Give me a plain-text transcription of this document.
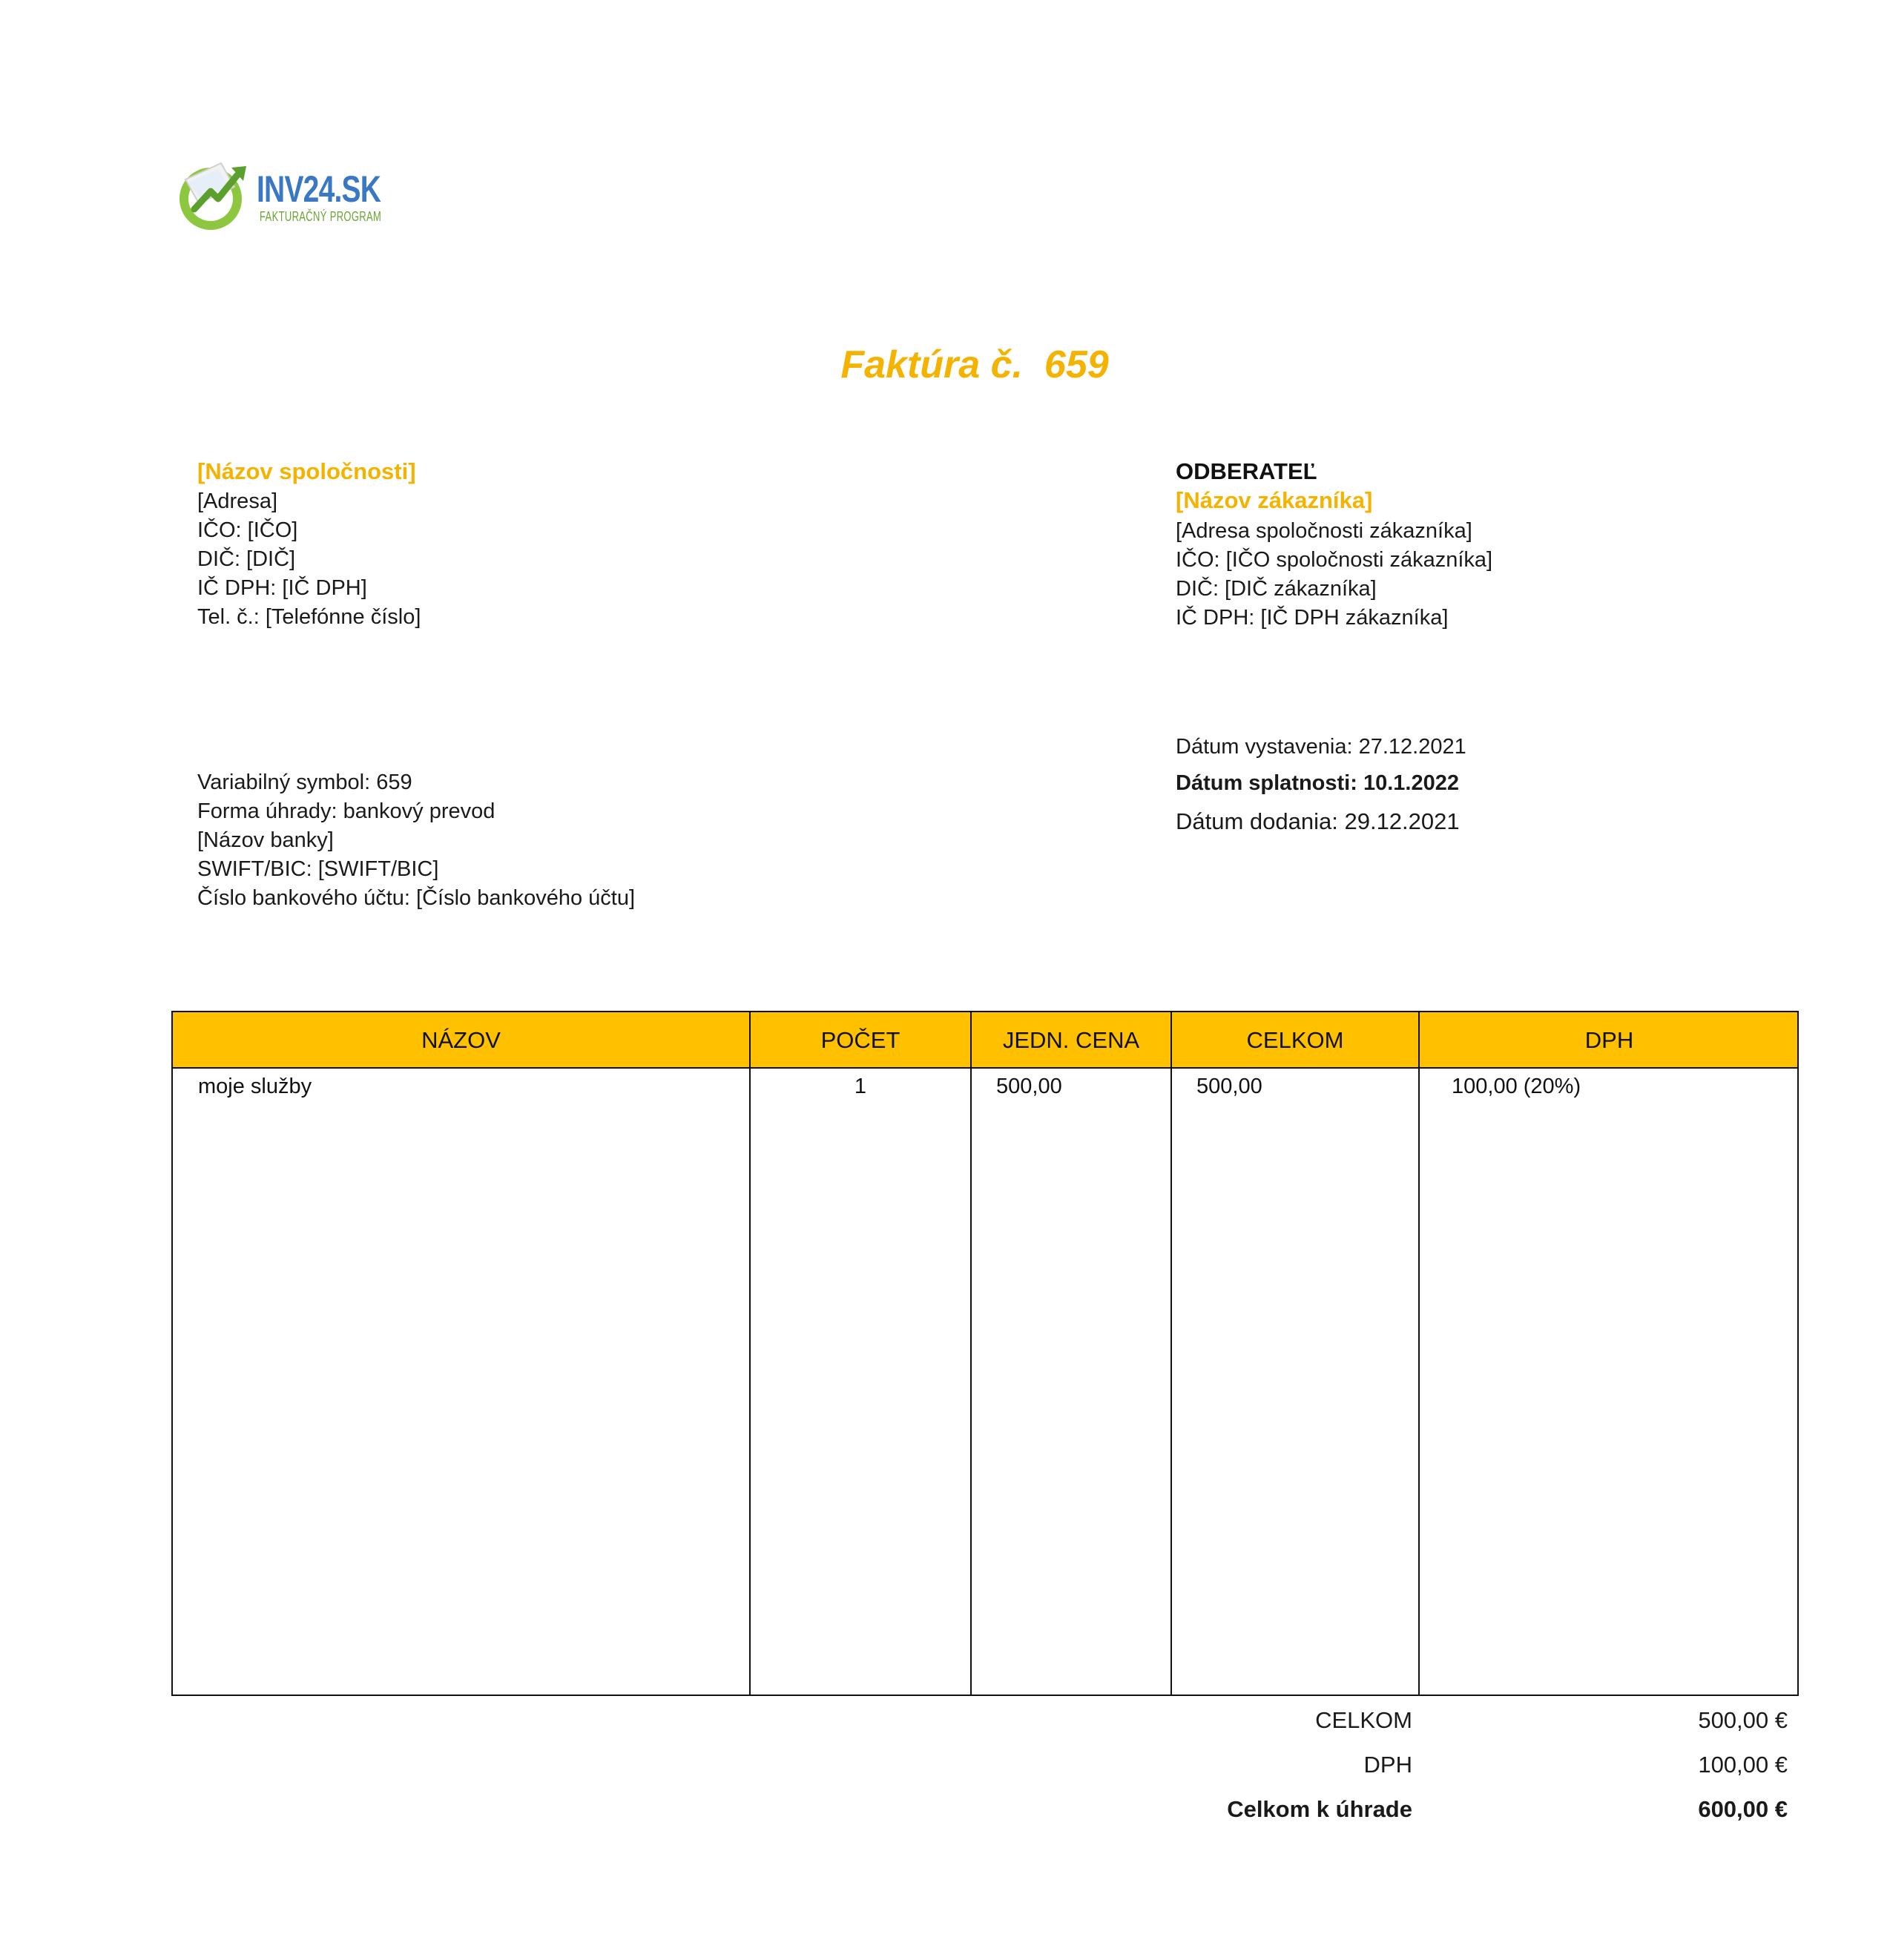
INV24.SK
FAKTURAČNÝ PROGRAM
Faktúra č.  659
[Názov spoločnosti]
[Adresa]
IČO: [IČO]
DIČ: [DIČ]
IČ DPH: [IČ DPH]
Tel. č.: [Telefónne číslo]
ODBERATEĽ
[Názov zákazníka]
[Adresa spoločnosti zákazníka]
IČO: [IČO spoločnosti zákazníka]
DIČ: [DIČ zákazníka]
IČ DPH: [IČ DPH zákazníka]
Variabilný symbol: 659
Forma úhrady: bankový prevod
[Názov banky]
SWIFT/BIC: [SWIFT/BIC]
Číslo bankového účtu: [Číslo bankového účtu]
Dátum vystavenia: 27.12.2021
Dátum splatnosti: 10.1.2022
Dátum dodania: 29.12.2021
NÁZOV	POČET	JEDN. CENA	CELKOM	DPH
moje služby	1	500,00	500,00	100,00 (20%)
CELKOM	500,00 €
DPH	100,00 €
Celkom k úhrade	600,00 €
